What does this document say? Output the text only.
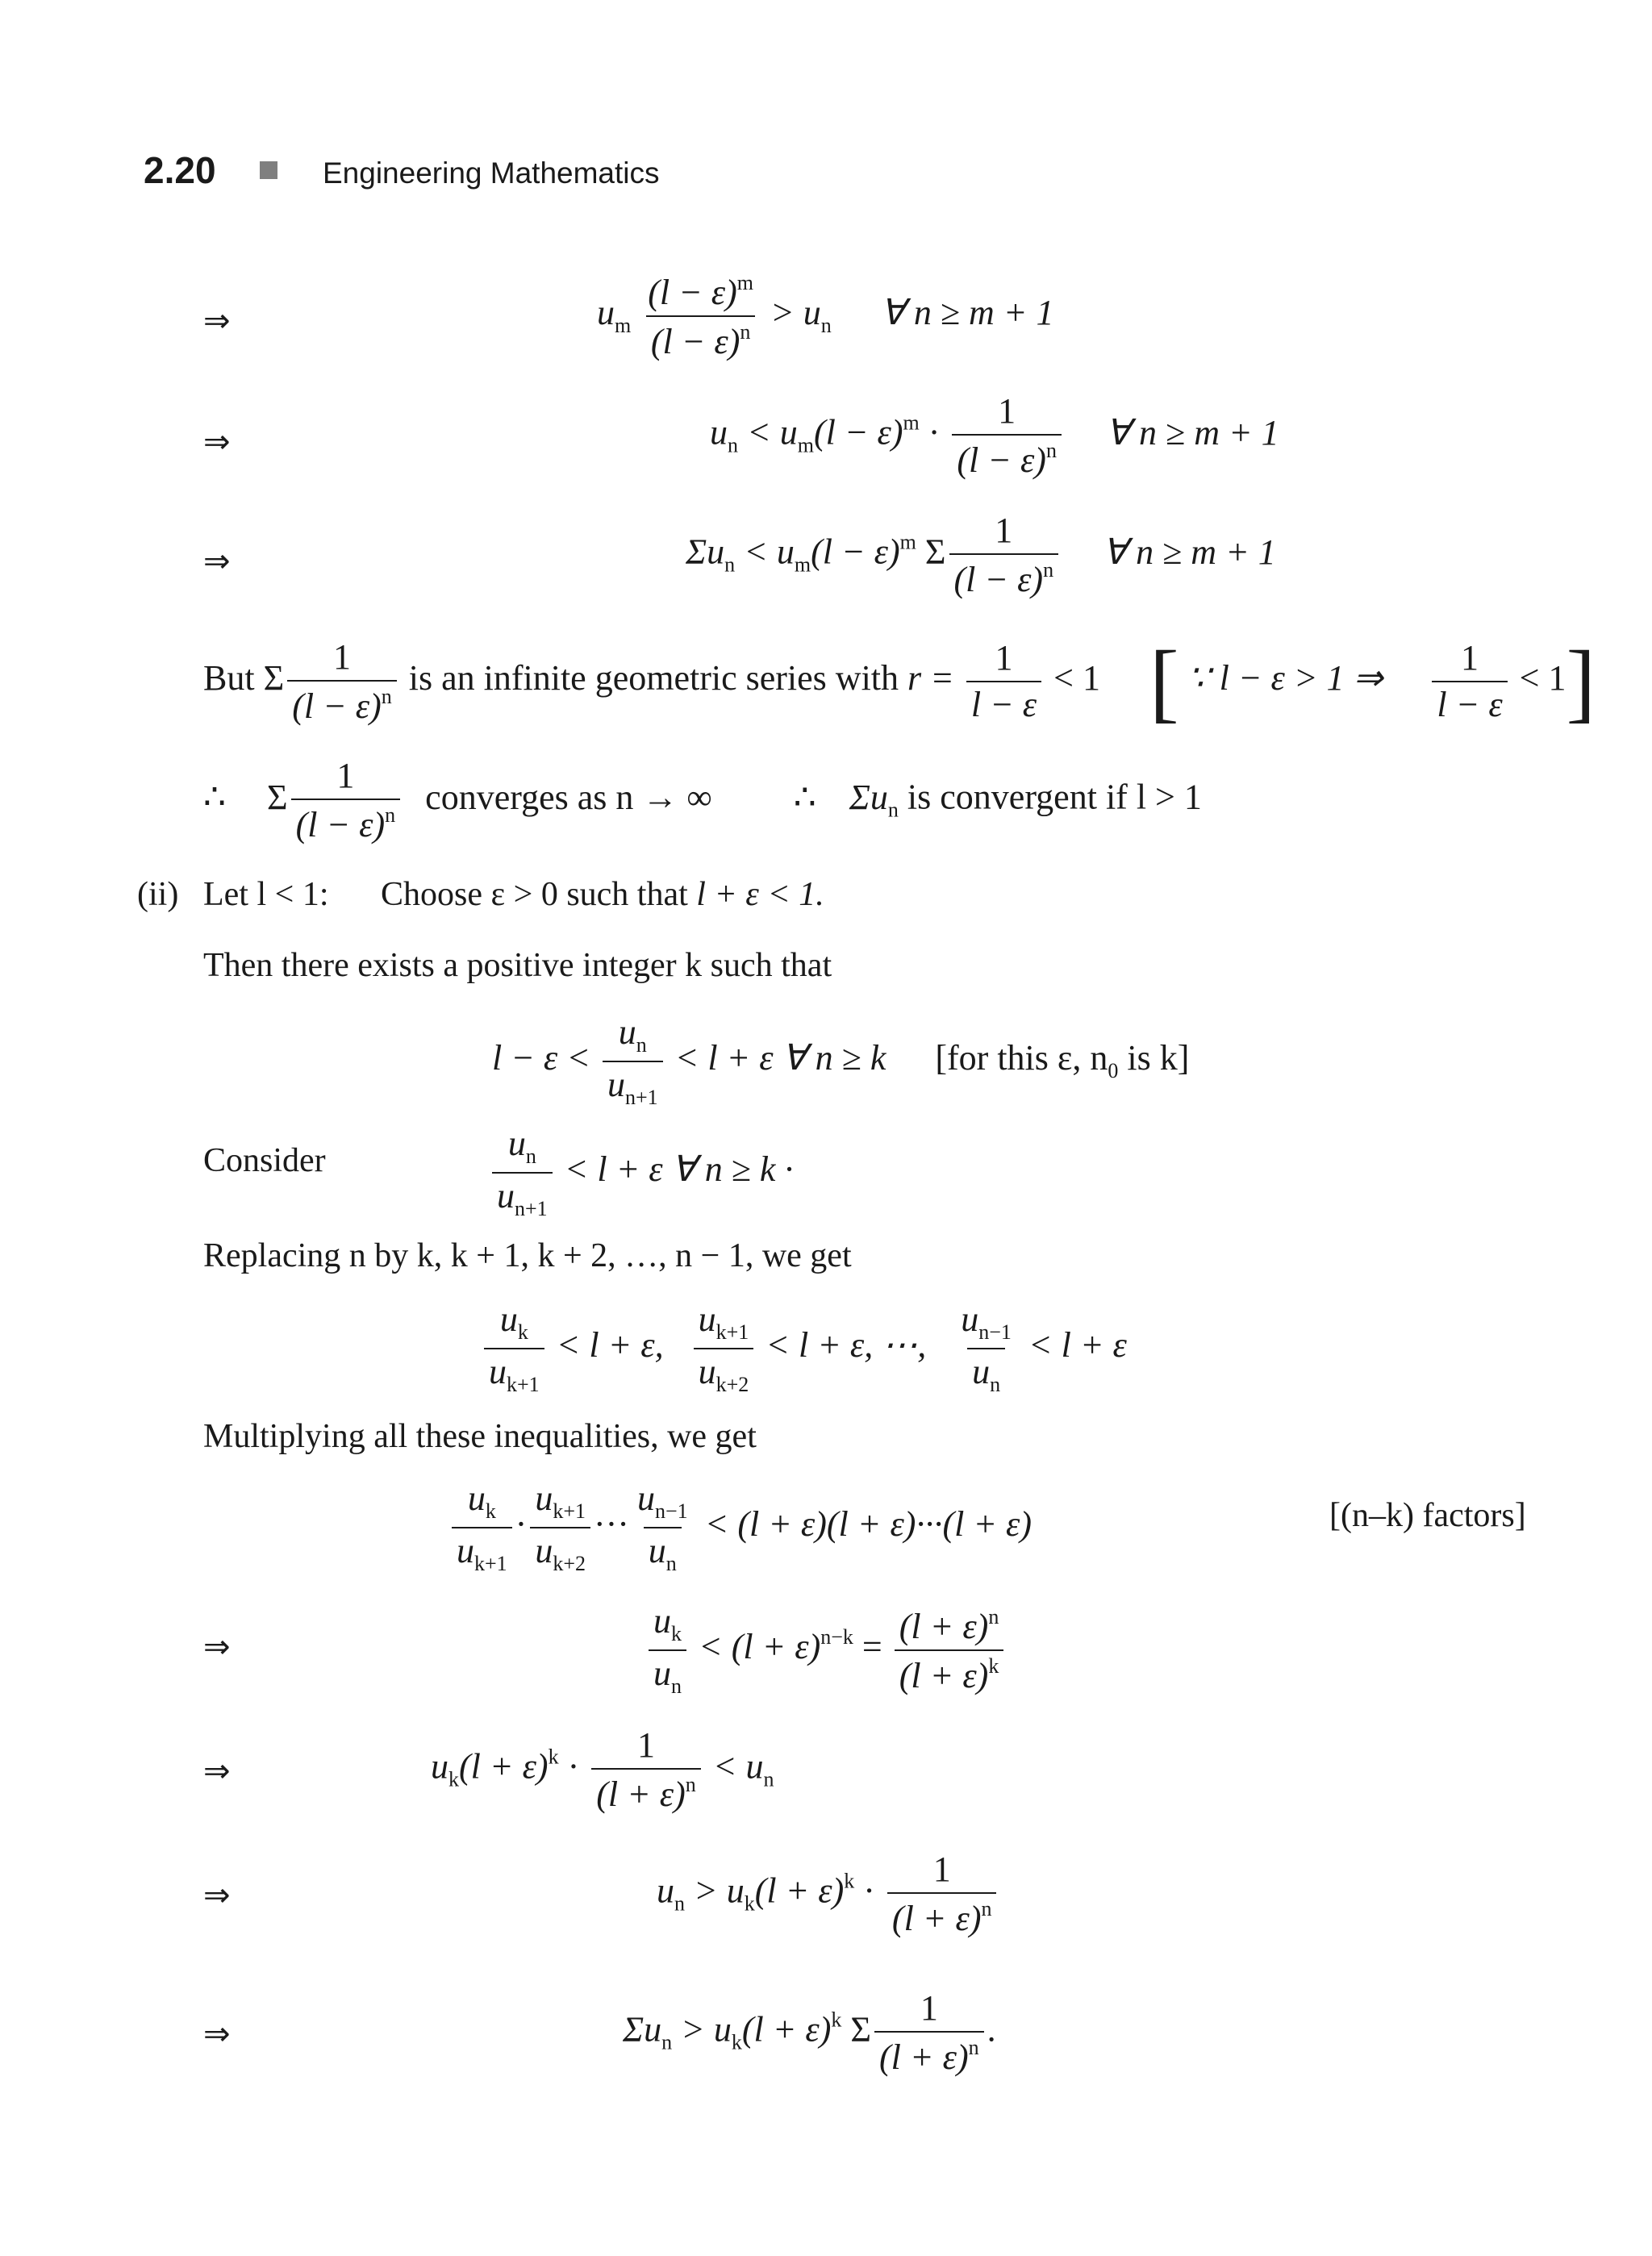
2.20	Engineering Mathematics
⇒	$u_m \frac{(l - \varepsilon)^m}{(l - \varepsilon)^n} > u_n$ ∀ n ≥ m + 1
⇒	$u_n < u_m(l - \varepsilon)^m \cdot \frac{1}{(l - \varepsilon)^n}$ ∀ n ≥ m + 1
⇒	$\Sigma u_n < u_m(l - \varepsilon)^m$ Σ $\frac{1}{(l - \varepsilon)^n}$ ∀ n ≥ m + 1
But Σ $\frac{1}{(l - \varepsilon)^n}$ is an infinite geometric series with $r = \frac{1}{l - \varepsilon} < 1$ [ ∵ l − ε > 1 ⇒ $\frac{1}{l - \varepsilon} < 1$]
∴ Σ $\frac{1}{(l - \varepsilon)^n}$ converges as n → ∞ ∴ $\Sigma u_n$ is convergent if l > 1
(ii) Let l < 1: Choose ε > 0 such that l + ε < 1.
Then there exists a positive integer k such that
$l - \varepsilon < \frac{u_n}{u_{n+1}} < l + \varepsilon$ ∀ n ≥ k [for this ε, $n_0$ is k]
Consider	$\frac{u_n}{u_{n+1}} < l + \varepsilon$ ∀ n ≥ k ·
Replacing n by k, k + 1, k + 2, …, n − 1, we get
$\frac{u_k}{u_{k+1}} < l + \varepsilon$, $\frac{u_{k+1}}{u_{k+2}} < l + \varepsilon$, ⋯, $\frac{u_{n-1}}{u_n} < l + \varepsilon$
Multiplying all these inequalities, we get
$\frac{u_k}{u_{k+1}} \cdot \frac{u_{k+1}}{u_{k+2}}$ ··· $\frac{u_{n-1}}{u_n} < (l + \varepsilon)(l + \varepsilon)\cdot\cdot\cdot(l + \varepsilon)$	[(n–k) factors]
⇒	$\frac{u_k}{u_n} < (l + \varepsilon)^{n-k} = \frac{(l + \varepsilon)^n}{(l + \varepsilon)^k}$
⇒	$u_k(l + \varepsilon)^k \cdot \frac{1}{(l + \varepsilon)^n} < u_n$
⇒	$u_n > u_k(l + \varepsilon)^k \cdot \frac{1}{(l + \varepsilon)^n}$
⇒	$\Sigma u_n > u_k(l + \varepsilon)^k$ Σ $\frac{1}{(l + \varepsilon)^n}$ .
